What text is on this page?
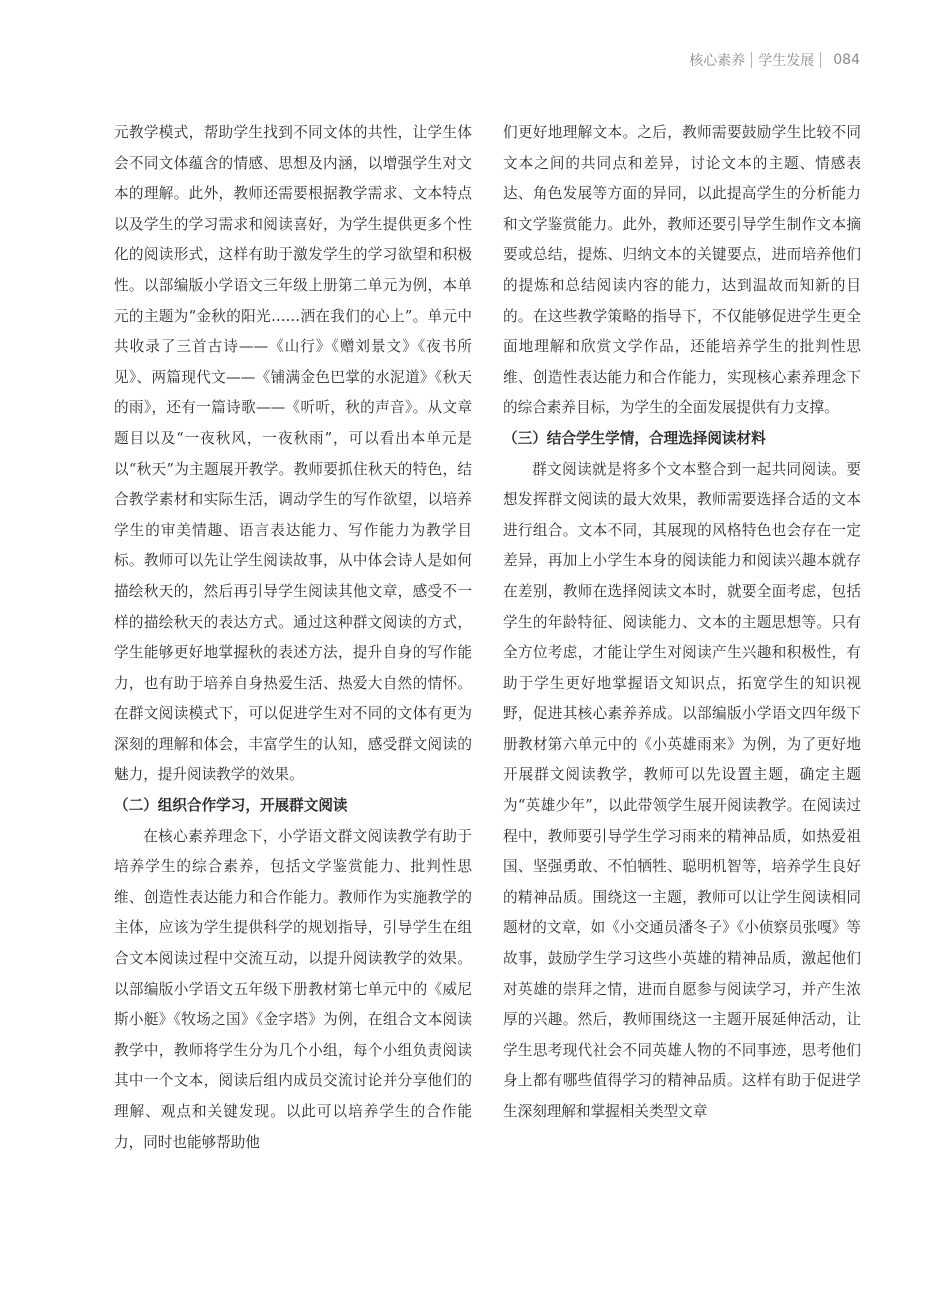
核心素养 学生发展 084

元教学模式，帮助学生找到不同文体的共性，让学生体会不同文体蕴含的情感、思想及内涵，以增强学生对文本的理解。此外，教师还需要根据教学需求、文本特点以及学生的学习需求和阅读喜好，为学生提供更多个性化的阅读形式，这样有助于激发学生的学习欲望和积极性。以部编版小学语文三年级上册第二单元为例，本单元的主题为“金秋的阳光……洒在我们的心上”。单元中共收录了三首古诗——《山行》《赠刘景文》《夜书所见》、两篇现代文——《铺满金色巴掌的水泥道》《秋天的雨》，还有一篇诗歌——《听听，秋的声音》。从文章题目以及“一夜秋风，一夜秋雨”，可以看出本单元是以“秋天”为主题展开教学。教师要抓住秋天的特色，结合教学素材和实际生活，调动学生的写作欲望，以培养学生的审美情趣、语言表达能力、写作能力为教学目标。教师可以先让学生阅读故事，从中体会诗人是如何描绘秋天的，然后再引导学生阅读其他文章，感受不一样的描绘秋天的表达方式。通过这种群文阅读的方式，学生能够更好地掌握秋的表述方法，提升自身的写作能力，也有助于培养自身热爱生活、热爱大自然的情怀。在群文阅读模式下，可以促进学生对不同的文体有更为深刻的理解和体会，丰富学生的认知，感受群文阅读的魅力，提升阅读教学的效果。

（二）组织合作学习，开展群文阅读

在核心素养理念下，小学语文群文阅读教学有助于培养学生的综合素养，包括文学鉴赏能力、批判性思维、创造性表达能力和合作能力。教师作为实施教学的主体，应该为学生提供科学的规划指导，引导学生在组合文本阅读过程中交流互动，以提升阅读教学的效果。以部编版小学语文五年级下册教材第七单元中的《威尼斯小艇》《牧场之国》《金字塔》为例，在组合文本阅读教学中，教师将学生分为几个小组，每个小组负责阅读其中一个文本，阅读后组内成员交流讨论并分享他们的理解、观点和关键发现。以此可以培养学生的合作能力，同时也能够帮助他

们更好地理解文本。之后，教师需要鼓励学生比较不同文本之间的共同点和差异，讨论文本的主题、情感表达、角色发展等方面的异同，以此提高学生的分析能力和文学鉴赏能力。此外，教师还要引导学生制作文本摘要或总结，提炼、归纳文本的关键要点，进而培养他们的提炼和总结阅读内容的能力，达到温故而知新的目的。在这些教学策略的指导下，不仅能够促进学生更全面地理解和欣赏文学作品，还能培养学生的批判性思维、创造性表达能力和合作能力，实现核心素养理念下的综合素养目标，为学生的全面发展提供有力支撑。

（三）结合学生学情，合理选择阅读材料

群文阅读就是将多个文本整合到一起共同阅读。要想发挥群文阅读的最大效果，教师需要选择合适的文本进行组合。文本不同，其展现的风格特色也会存在一定差异，再加上小学生本身的阅读能力和阅读兴趣本就存在差别，教师在选择阅读文本时，就要全面考虑，包括学生的年龄特征、阅读能力、文本的主题思想等。只有全方位考虑，才能让学生对阅读产生兴趣和积极性，有助于学生更好地掌握语文知识点，拓宽学生的知识视野，促进其核心素养养成。以部编版小学语文四年级下册教材第六单元中的《小英雄雨来》为例，为了更好地开展群文阅读教学，教师可以先设置主题，确定主题为“英雄少年”，以此带领学生展开阅读教学。在阅读过程中，教师要引导学生学习雨来的精神品质，如热爱祖国、坚强勇敢、不怕牺牲、聪明机智等，培养学生良好的精神品质。围绕这一主题，教师可以让学生阅读相同题材的文章，如《小交通员潘冬子》《小侦察员张嘎》等故事，鼓励学生学习这些小英雄的精神品质，激起他们对英雄的崇拜之情，进而自愿参与阅读学习，并产生浓厚的兴趣。然后，教师围绕这一主题开展延伸活动，让学生思考现代社会不同英雄人物的不同事迹，思考他们身上都有哪些值得学习的精神品质。这样有助于促进学生深刻理解和掌握相关类型文章
